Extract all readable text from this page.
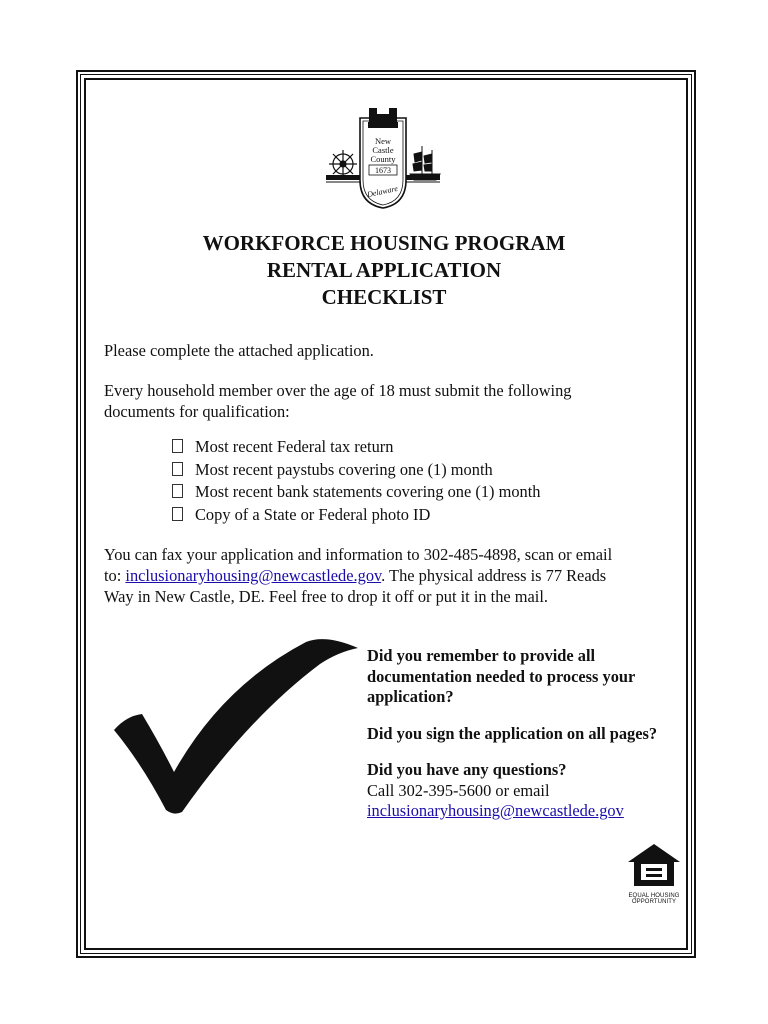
New
Castle
County
1673
Delaware
WORKFORCE HOUSING PROGRAM
RENTAL APPLICATION
CHECKLIST
Please complete the attached application.
Every household member over the age of 18 must submit the following
documents for qualification:
Most recent Federal tax return
Most recent paystubs covering one (1) month
Most recent bank statements covering one (1) month
Copy of a State or Federal photo ID
You can fax your application and information to 302-485-4898, scan or email
to: inclusionaryhousing@newcastlede.gov. The physical address is 77 Reads
Way in New Castle, DE. Feel free to drop it off or put it in the mail.
Did you remember to provide all
documentation needed to process your
application?
Did you sign the application on all pages?
Did you have any questions?
Call 302-395-5600 or email
inclusionaryhousing@newcastlede.gov
EQUAL HOUSING
OPPORTUNITY
